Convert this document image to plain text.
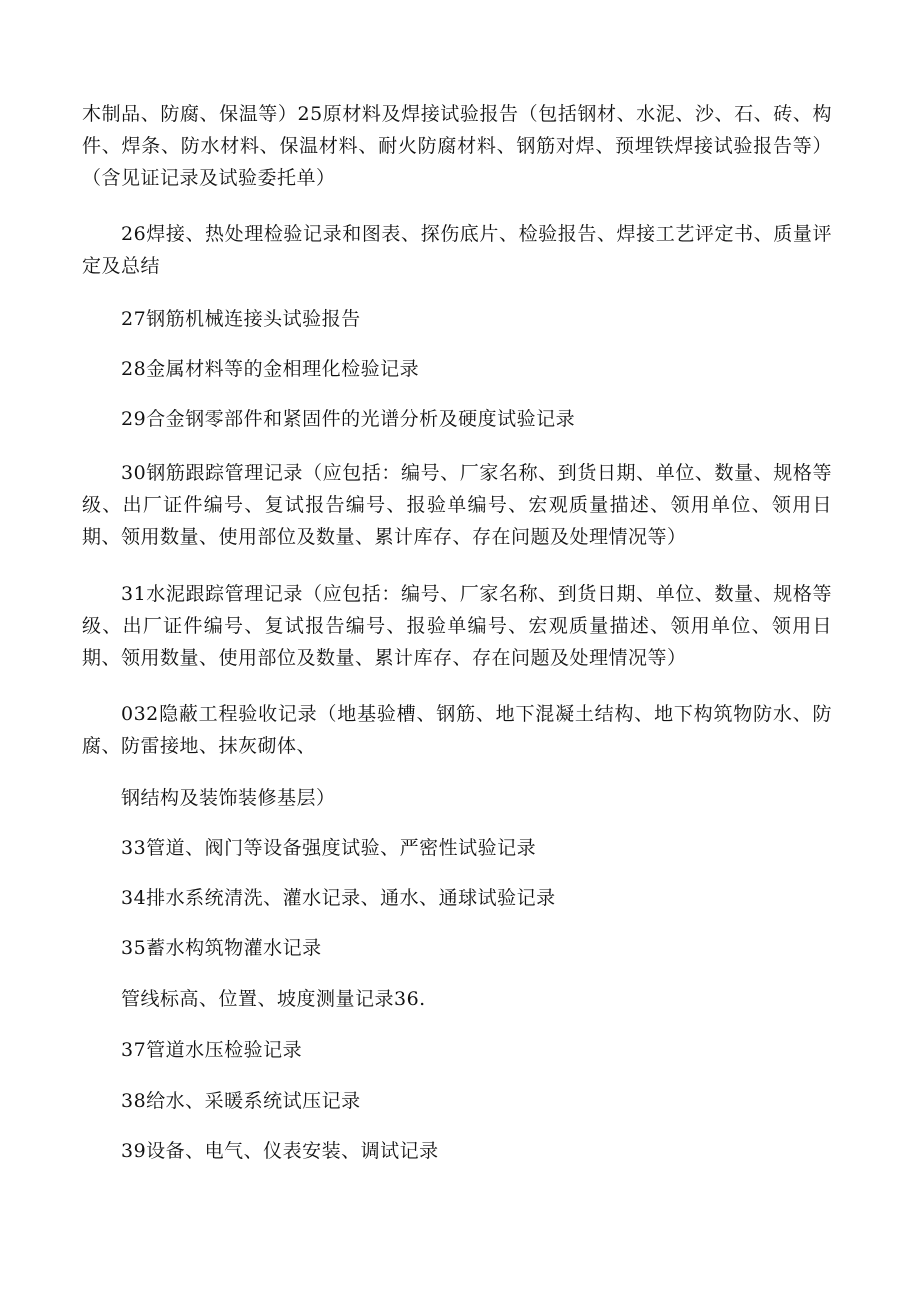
木制品、防腐、保温等）25原材料及焊接试验报告（包括钢材、水泥、沙、石、砖、构件、焊条、防水材料、保温材料、耐火防腐材料、钢筋对焊、预埋铁焊接试验报告等）（含见证记录及试验委托单）

26焊接、热处理检验记录和图表、探伤底片、检验报告、焊接工艺评定书、质量评定及总结

27钢筋机械连接头试验报告

28金属材料等的金相理化检验记录

29合金钢零部件和紧固件的光谱分析及硬度试验记录

30钢筋跟踪管理记录（应包括：编号、厂家名称、到货日期、单位、数量、规格等级、出厂证件编号、复试报告编号、报验单编号、宏观质量描述、领用单位、领用日期、领用数量、使用部位及数量、累计库存、存在问题及处理情况等）

31水泥跟踪管理记录（应包括：编号、厂家名称、到货日期、单位、数量、规格等级、出厂证件编号、复试报告编号、报验单编号、宏观质量描述、领用单位、领用日期、领用数量、使用部位及数量、累计库存、存在问题及处理情况等）

032隐蔽工程验收记录（地基验槽、钢筋、地下混凝土结构、地下构筑物防水、防腐、防雷接地、抹灰砌体、

钢结构及装饰装修基层）

33管道、阀门等设备强度试验、严密性试验记录

34排水系统清洗、灌水记录、通水、通球试验记录

35蓄水构筑物灌水记录

管线标高、位置、坡度测量记录36.

37管道水压检验记录

38给水、采暖系统试压记录

39设备、电气、仪表安装、调试记录
